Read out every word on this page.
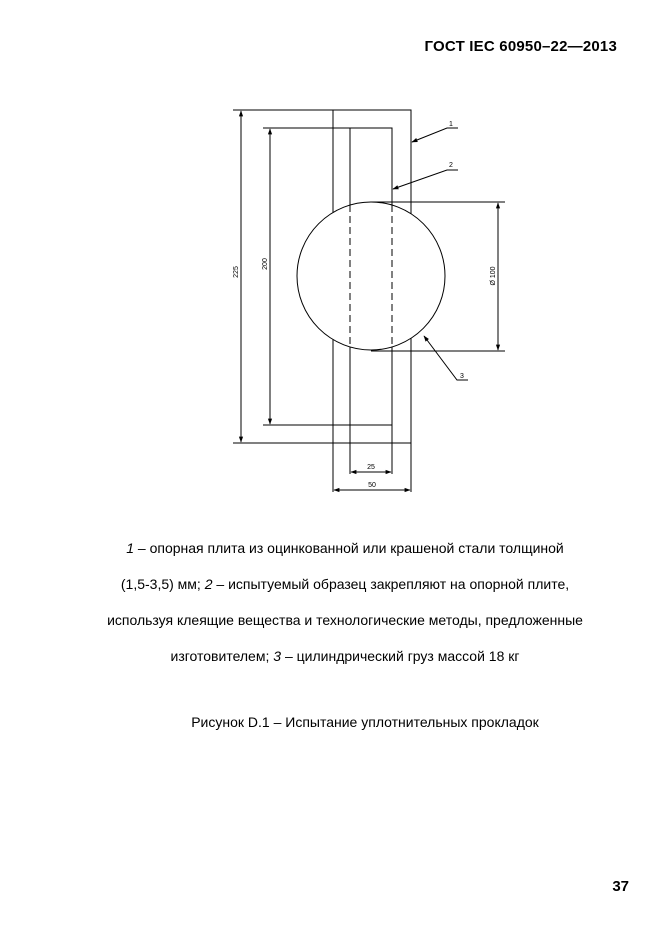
ГОСТ IEC 60950–22—2013
1
2
3
225
200
Ø 100
25
50

1 – опорная плита из оцинкованной или крашеной стали толщиной

(1,5-3,5) мм; 2 – испытуемый образец закрепляют на опорной плите,

используя клеящие вещества и технологические методы, предложенные

изготовителем; 3 – цилиндрический груз массой 18 кг

Рисунок D.1 – Испытание уплотнительных прокладок
37
